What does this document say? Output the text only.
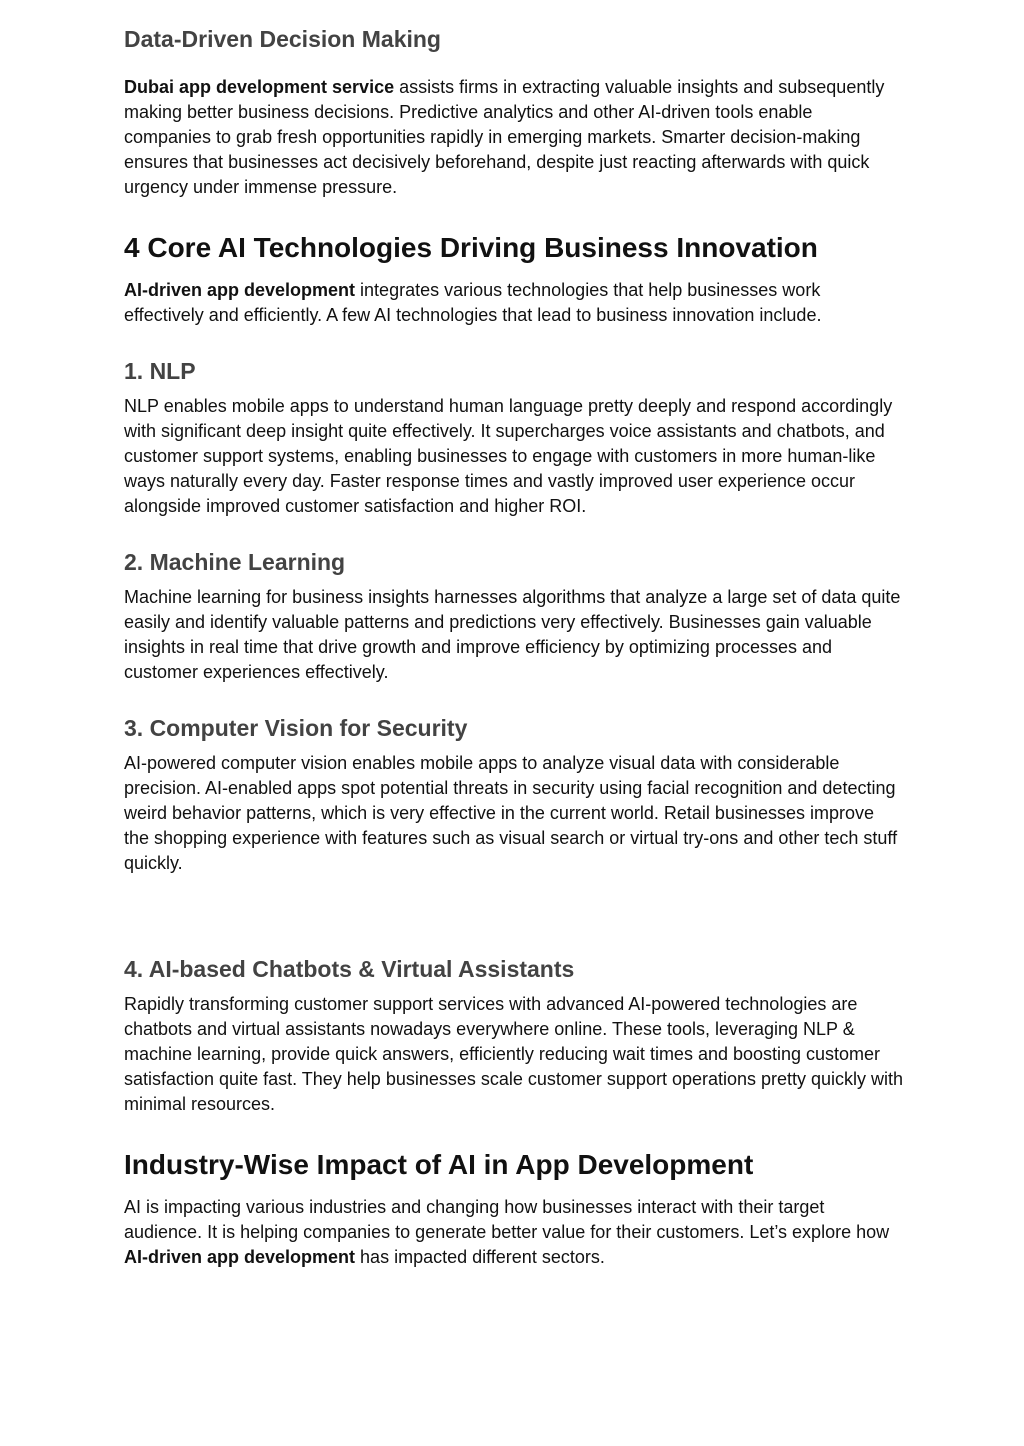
Data-Driven Decision Making

Dubai app development service assists firms in extracting valuable insights and subsequently making better business decisions. Predictive analytics and other AI-driven tools enable companies to grab fresh opportunities rapidly in emerging markets. Smarter decision-making ensures that businesses act decisively beforehand, despite just reacting afterwards with quick urgency under immense pressure.

4 Core AI Technologies Driving Business Innovation

AI-driven app development integrates various technologies that help businesses work effectively and efficiently. A few AI technologies that lead to business innovation include.

1. NLP

NLP enables mobile apps to understand human language pretty deeply and respond accordingly with significant deep insight quite effectively. It supercharges voice assistants and chatbots, and customer support systems, enabling businesses to engage with customers in more human-like ways naturally every day. Faster response times and vastly improved user experience occur alongside improved customer satisfaction and higher ROI.

2. Machine Learning

Machine learning for business insights harnesses algorithms that analyze a large set of data quite easily and identify valuable patterns and predictions very effectively. Businesses gain valuable insights in real time that drive growth and improve efficiency by optimizing processes and customer experiences effectively.

3. Computer Vision for Security

AI-powered computer vision enables mobile apps to analyze visual data with considerable precision. AI-enabled apps spot potential threats in security using facial recognition and detecting weird behavior patterns, which is very effective in the current world. Retail businesses improve the shopping experience with features such as visual search or virtual try-ons and other tech stuff quickly.

4. AI-based Chatbots & Virtual Assistants

Rapidly transforming customer support services with advanced AI-powered technologies are chatbots and virtual assistants nowadays everywhere online. These tools, leveraging NLP & machine learning, provide quick answers, efficiently reducing wait times and boosting customer satisfaction quite fast. They help businesses scale customer support operations pretty quickly with minimal resources.

Industry-Wise Impact of AI in App Development

AI is impacting various industries and changing how businesses interact with their target audience. It is helping companies to generate better value for their customers. Let’s explore how AI-driven app development has impacted different sectors.
